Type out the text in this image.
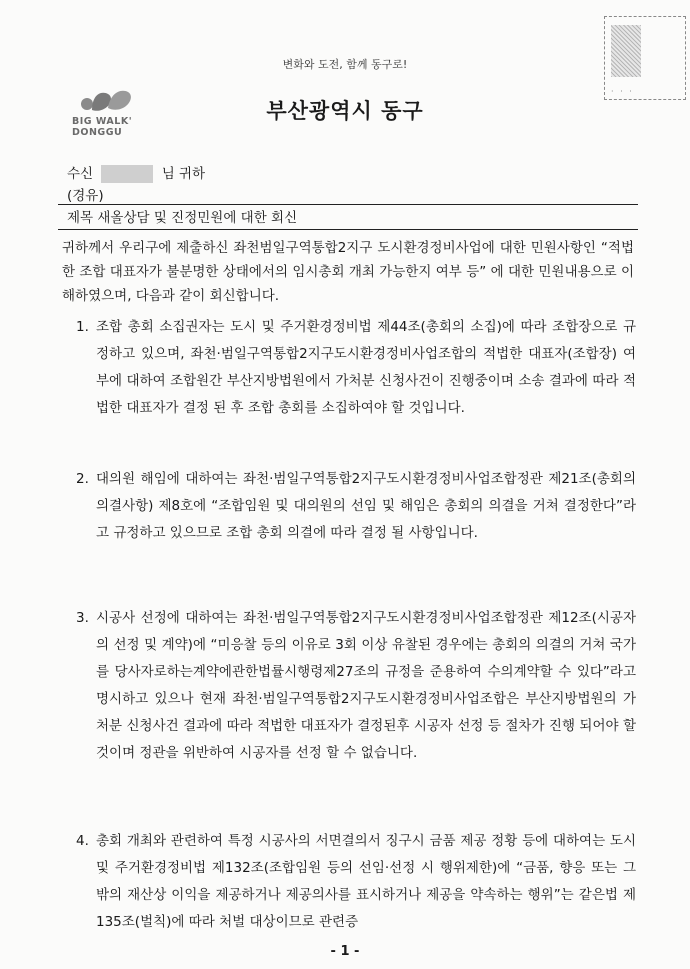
변화와 도전, 함께 동구로!
BIG WALK'
DONGGU
부산광역시 동구
· · ·
수신	님 귀하
(경유)
제목 새올상담 및 진정민원에 대한 회신
귀하께서 우리구에 제출하신 좌천범일구역통합2지구 도시환경정비사업에 대한 민원사항인 “적법한 조합 대표자가 불분명한 상태에서의 임시총회 개최 가능한지 여부 등” 에 대한 민원내용으로 이해하였으며, 다음과 같이 회신합니다.
1. 조합 총회 소집권자는 도시 및 주거환경정비법 제44조(총회의 소집)에 따라 조합장으로 규정하고 있으며, 좌천·범일구역통합2지구도시환경정비사업조합의 적법한 대표자(조합장) 여부에 대하여 조합원간 부산지방법원에서 가처분 신청사건이 진행중이며 소송 결과에 따라 적법한 대표자가 결정 된 후 조합 총회를 소집하여야 할 것입니다.
2. 대의원 해임에 대하여는 좌천·범일구역통합2지구도시환경정비사업조합정관 제21조(총회의 의결사항) 제8호에 “조합임원 및 대의원의 선임 및 해임은 총회의 의결을 거쳐 결정한다”라고 규정하고 있으므로 조합 총회 의결에 따라 결정 될 사항입니다.
3. 시공사 선정에 대하여는 좌천·범일구역통합2지구도시환경정비사업조합정관 제12조(시공자의 선정 및 계약)에 “미응찰 등의 이유로 3회 이상 유찰된 경우에는 총회의 의결의 거쳐 국가를 당사자로하는계약에관한법률시행령제27조의 규정을 준용하여 수의계약할 수 있다”라고 명시하고 있으나 현재 좌천·범일구역통합2지구도시환경정비사업조합은 부산지방법원의 가처분 신청사건 결과에 따라 적법한 대표자가 결정된후 시공자 선정 등 절차가 진행 되어야 할 것이며 정관을 위반하여 시공자를 선정 할 수 없습니다.
4. 총회 개최와 관련하여 특정 시공사의 서면결의서 징구시 금품 제공 정황 등에 대하여는 도시 및 주거환경정비법 제132조(조합임원 등의 선임·선정 시 행위제한)에 “금품, 향응 또는 그 밖의 재산상 이익을 제공하거나 제공의사를 표시하거나 제공을 약속하는 행위”는 같은법 제135조(벌칙)에 따라 처벌 대상이므로 관련증
- 1 -
